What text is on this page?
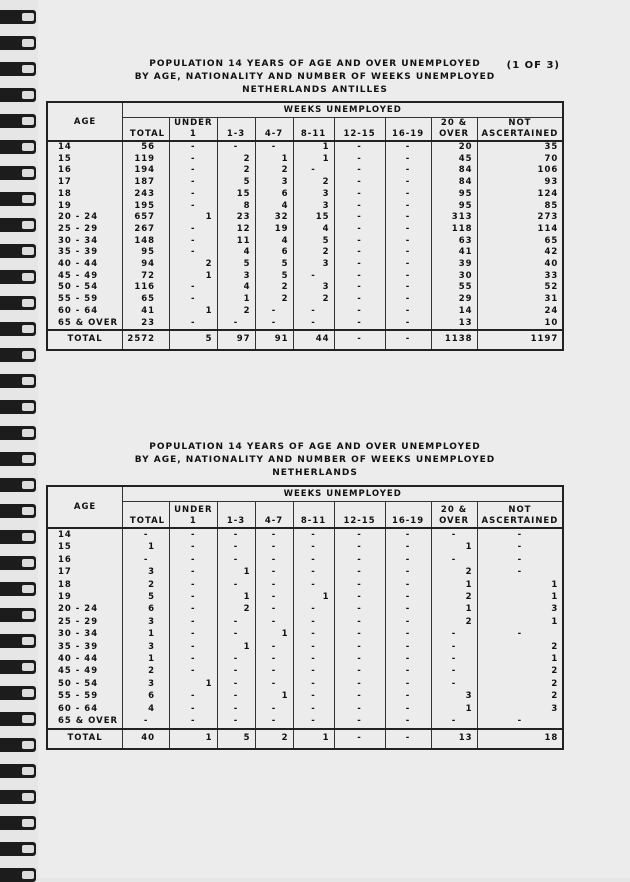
(1 OF 3)
POPULATION 14 YEARS OF AGE AND OVER UNEMPLOYED
BY AGE, NATIONALITY AND NUMBER OF WEEKS UNEMPLOYED
NETHERLANDS ANTILLES
AGE	WEEKS UNEMPLOYED								
	TOTAL	UNDER 1	1-3	4-7	8-11	12-15	16-19	20 & OVER	NOT ASCERTAINED
14	56	-	-	-	1	-	-	20	35
15	119	-	2	1	1	-	-	45	70
16	194	-	2	2	-	-	-	84	106
17	187	-	5	3	2	-	-	84	93
18	243	-	15	6	3	-	-	95	124
19	195	-	8	4	3	-	-	95	85
20 - 24	657	1	23	32	15	-	-	313	273
25 - 29	267	-	12	19	4	-	-	118	114
30 - 34	148	-	11	4	5	-	-	63	65
35 - 39	95	-	4	6	2	-	-	41	42
40 - 44	94	2	5	5	3	-	-	39	40
45 - 49	72	1	3	5	-	-	-	30	33
50 - 54	116	-	4	2	3	-	-	55	52
55 - 59	65	-	1	2	2	-	-	29	31
60 - 64	41	1	2	-	-	-	-	14	24
65 & OVER	23	-	-	-	-	-	-	13	10
TOTAL	2572	5	97	91	44	-	-	1138	1197
POPULATION 14 YEARS OF AGE AND OVER UNEMPLOYED
BY AGE, NATIONALITY AND NUMBER OF WEEKS UNEMPLOYED
NETHERLANDS
AGE	WEEKS UNEMPLOYED								
	TOTAL	UNDER 1	1-3	4-7	8-11	12-15	16-19	20 & OVER	NOT ASCERTAINED
14	-	-	-	-	-	-	-	-	-
15	1	-	-	-	-	-	-	1	-
16	-	-	-	-	-	-	-	-	-
17	3	-	1	-	-	-	-	2	-
18	2	-	-	-	-	-	-	1	1
19	5	-	1	-	1	-	-	2	1
20 - 24	6	-	2	-	-	-	-	1	3
25 - 29	3	-	-	-	-	-	-	2	1
30 - 34	1	-	-	1	-	-	-	-	-
35 - 39	3	-	1	-	-	-	-	-	2
40 - 44	1	-	-	-	-	-	-	-	1
45 - 49	2	-	-	-	-	-	-	-	2
50 - 54	3	1	-	-	-	-	-	-	2
55 - 59	6	-	-	1	-	-	-	3	2
60 - 64	4	-	-	-	-	-	-	1	3
65 & OVER	-	-	-	-	-	-	-	-	-
TOTAL	40	1	5	2	1	-	-	13	18
